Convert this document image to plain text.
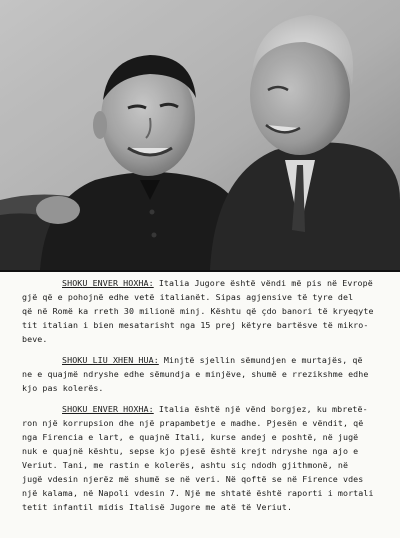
SHOKU ENVER HOXHA: Italia Jugore është vëndi më pis në Evropë
gjë që e pohojnë edhe vetë italianët. Sipas agjensive të tyre del
që në Romë ka rreth 30 milionë minj. Kështu që çdo banori të kryeqyte
tit italian i bien mesatarisht nga 15 prej këtyre bartësve të mikro-
beve.
SHOKU LIU XHEN HUA: Minjtë sjellin sëmundjen e murtajës, që
ne e quajmë ndryshe edhe sëmundja e minjëve, shumë e rrezikshme edhe
kjo pas kolerës.
SHOKU ENVER HOXHA: Italia është një vënd borgjez, ku mbretë-
ron një korrupsion dhe një prapambetje e madhe. Pjesën e vëndit, që
nga Firencia e lart, e quajnë Itali, kurse andej e poshtë, në jugë
nuk e quajnë kështu, sepse kjo pjesë është krejt ndryshe nga ajo e
Veriut. Tani, me rastin e kolerës, ashtu siç ndodh gjithmonë, në
jugë vdesin njerëz më shumë se në veri. Në qoftë se në Firence vdes
një kalama, në Napoli vdesin 7. Një me shtatë është raporti i mortali
tetit infantil midis Italisë Jugore me atë të Veriut.
